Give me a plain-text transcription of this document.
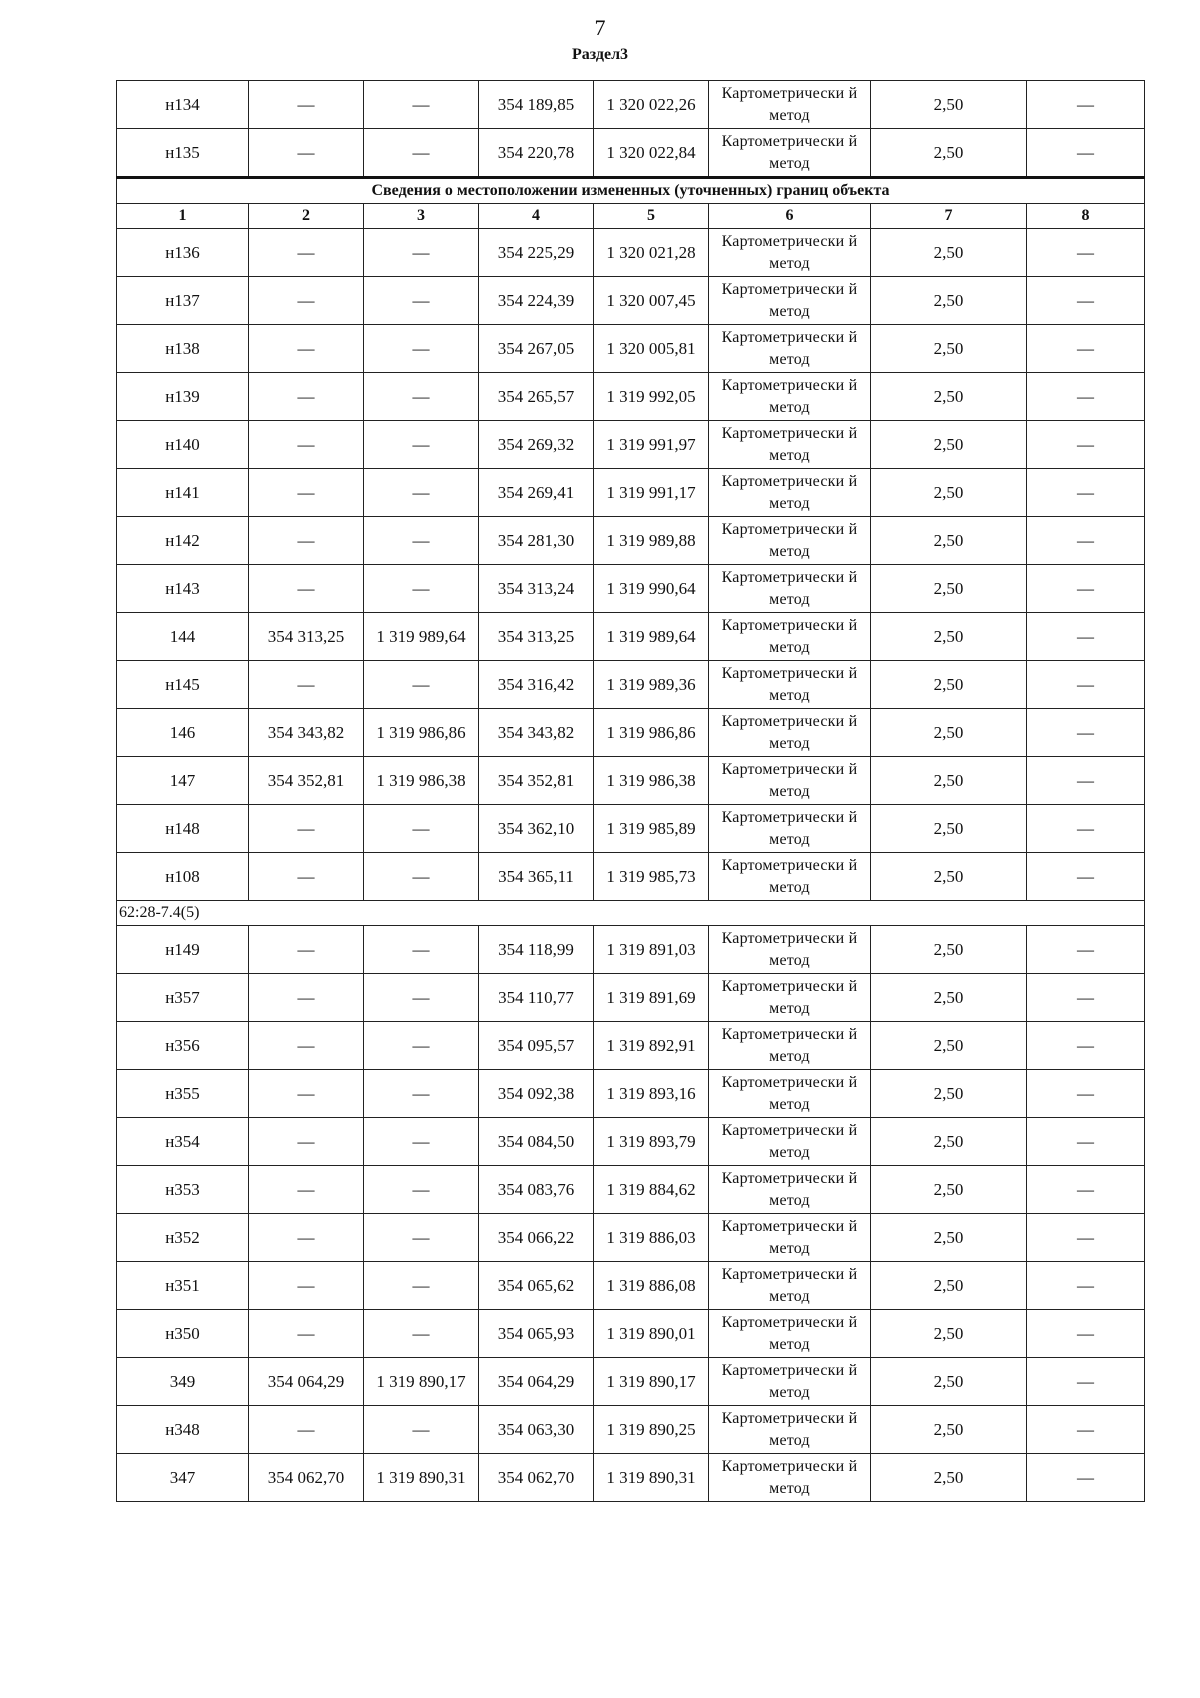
7
Раздел3
н134	—	—	354 189,85	1 320 022,26	Картометрически й метод	2,50	—
н135	—	—	354 220,78	1 320 022,84	Картометрически й метод	2,50	—
Сведения о местоположении измененных (уточненных) границ объекта							
1	2	3	4	5	6	7	8
н136	—	—	354 225,29	1 320 021,28	Картометрически й метод	2,50	—
н137	—	—	354 224,39	1 320 007,45	Картометрически й метод	2,50	—
н138	—	—	354 267,05	1 320 005,81	Картометрически й метод	2,50	—
н139	—	—	354 265,57	1 319 992,05	Картометрически й метод	2,50	—
н140	—	—	354 269,32	1 319 991,97	Картометрически й метод	2,50	—
н141	—	—	354 269,41	1 319 991,17	Картометрически й метод	2,50	—
н142	—	—	354 281,30	1 319 989,88	Картометрически й метод	2,50	—
н143	—	—	354 313,24	1 319 990,64	Картометрически й метод	2,50	—
144	354 313,25	1 319 989,64	354 313,25	1 319 989,64	Картометрически й метод	2,50	—
н145	—	—	354 316,42	1 319 989,36	Картометрически й метод	2,50	—
146	354 343,82	1 319 986,86	354 343,82	1 319 986,86	Картометрически й метод	2,50	—
147	354 352,81	1 319 986,38	354 352,81	1 319 986,38	Картометрически й метод	2,50	—
н148	—	—	354 362,10	1 319 985,89	Картометрически й метод	2,50	—
н108	—	—	354 365,11	1 319 985,73	Картометрически й метод	2,50	—
62:28-7.4(5)							
н149	—	—	354 118,99	1 319 891,03	Картометрически й метод	2,50	—
н357	—	—	354 110,77	1 319 891,69	Картометрически й метод	2,50	—
н356	—	—	354 095,57	1 319 892,91	Картометрически й метод	2,50	—
н355	—	—	354 092,38	1 319 893,16	Картометрически й метод	2,50	—
н354	—	—	354 084,50	1 319 893,79	Картометрически й метод	2,50	—
н353	—	—	354 083,76	1 319 884,62	Картометрически й метод	2,50	—
н352	—	—	354 066,22	1 319 886,03	Картометрически й метод	2,50	—
н351	—	—	354 065,62	1 319 886,08	Картометрически й метод	2,50	—
н350	—	—	354 065,93	1 319 890,01	Картометрически й метод	2,50	—
349	354 064,29	1 319 890,17	354 064,29	1 319 890,17	Картометрически й метод	2,50	—
н348	—	—	354 063,30	1 319 890,25	Картометрически й метод	2,50	—
347	354 062,70	1 319 890,31	354 062,70	1 319 890,31	Картометрически й метод	2,50	—
